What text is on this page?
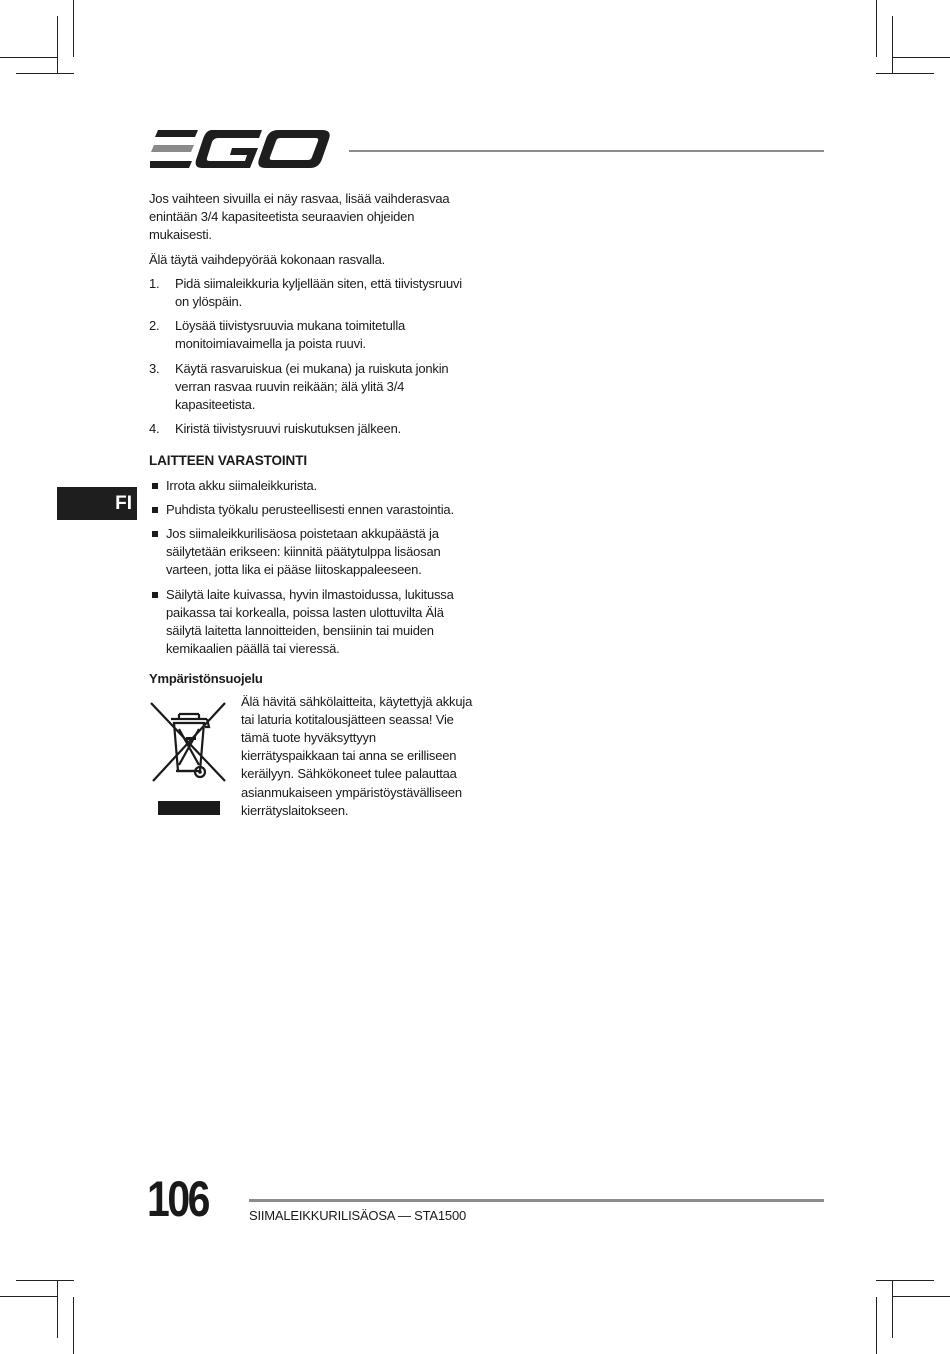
FI

Jos vaihteen sivuilla ei näy rasvaa, lisää vaihderasvaa enintään 3/4 kapasiteetista seuraavien ohjeiden mukaisesti.

Älä täytä vaihdepyörää kokonaan rasvalla.

1. Pidä siimaleikkuria kyljellään siten, että tiivistysruuvi on ylöspäin.
2. Löysää tiivistysruuvia mukana toimitetulla monitoimiavaimella ja poista ruuvi.
3. Käytä rasvaruiskua (ei mukana) ja ruiskuta jonkin verran rasvaa ruuvin reikään; älä ylitä 3/4 kapasiteetista.
4. Kiristä tiivistysruuvi ruiskutuksen jälkeen.
LAITTEEN VARASTOINTI
Irrota akku siimaleikkurista.
Puhdista työkalu perusteellisesti ennen varastointia.
Jos siimaleikkurilisäosa poistetaan akkupäästä ja säilytetään erikseen: kiinnitä päätytulppa lisäosan varteen, jotta lika ei pääse liitoskappaleeseen.
Säilytä laite kuivassa, hyvin ilmastoidussa, lukitussa paikassa tai korkealla, poissa lasten ulottuvilta Älä säilytä laitetta lannoitteiden, bensiinin tai muiden kemikaalien päällä tai vieressä.
Ympäristönsuojelu
Älä hävitä sähkölaitteita, käytettyjä akkuja tai laturia kotitalousjätteen seassa! Vie tämä tuote hyväksyttyyn kierrätyspaikkaan tai anna se erilliseen keräilyyn. Sähkökoneet tulee palauttaa asianmukaiseen ympäristöystävälliseen kierrätyslaitokseen.
106	SIIMALEIKKURILISÄOSA — STA1500
